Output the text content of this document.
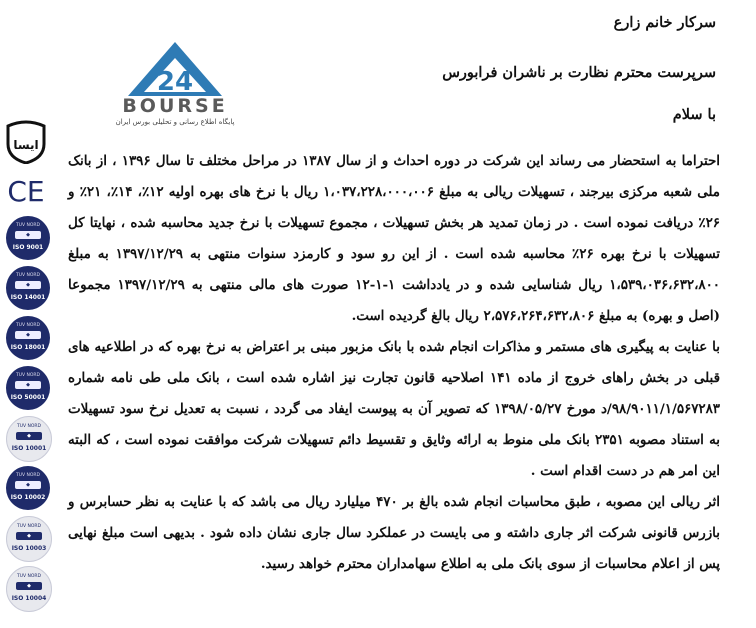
سرکار خانم زارع
سرپرست محترم نظارت بر ناشران فرابورس
با سلام
24
BOURSE
پایگاه اطلاع رسانی و تحلیلی بورس ایران
ایسا
CE
TUV NORD
◆
ISO 9001
TUV NORD
◆
ISO 14001
TUV NORD
◆
ISO 18001
TUV NORD
◆
ISO 50001
TUV NORD
◆
ISO 10001
TUV NORD
◆
ISO 10002
TUV NORD
◆
ISO 10003
TUV NORD
◆
ISO 10004

احتراما به استحضار می رساند این شرکت در دوره احداث و از سال ۱۳۸۷ در مراحل مختلف تا سال ۱۳۹۶ ، از بانک ملی شعبه مرکزی بیرجند ، تسهیلات ریالی به مبلغ ۱،۰۳۷،۲۲۸،۰۰۰،۰۰۶ ریال با نرخ های بهره اولیه ۱۲٪، ۱۴٪، ۲۱٪ و ۲۶٪ دریافت نموده است . در زمان تمدید هر بخش تسهیلات ، مجموع تسهیلات با نرخ جدید محاسبه شده ، نهایتا کل تسهیلات با نرخ بهره ۲۶٪ محاسبه شده است . از این رو سود و کارمزد سنوات منتهی به ۱۳۹۷/۱۲/۲۹ به مبلغ ۱،۵۳۹،۰۳۶،۶۳۲،۸۰۰ ریال شناسایی شده و در یادداشت ۱-۱-۱۲ صورت های مالی منتهی به ۱۳۹۷/۱۲/۲۹ مجموعا (اصل و بهره) به مبلغ ۲،۵۷۶،۲۶۴،۶۳۲،۸۰۶ ریال بالغ گردیده است.

با عنایت به پیگیری های مستمر و مذاکرات انجام شده با بانک مزبور مبنی بر اعتراض به نرخ بهره که در اطلاعیه های قبلی در بخش راهای خروج از ماده ۱۴۱ اصلاحیه قانون تجارت نیز اشاره شده است ، بانک ملی طی نامه شماره ۹۸/۹۰۱۱/۱/۵۶۷۲۸۳/د مورخ ۱۳۹۸/۰۵/۲۷ که تصویر آن به پیوست ایفاد می گردد ، نسبت به تعدیل نرخ سود تسهیلات به استناد مصوبه ۲۳۵۱ بانک ملی منوط به ارائه وثایق و تقسیط دائم تسهیلات شرکت موافقت نموده است ، که البته این امر هم در دست اقدام است .

اثر ریالی این مصوبه ، طبق محاسبات انجام شده بالغ بر ۴۷۰ میلیارد ریال می باشد که با عنایت به نظر حسابرس و بازرس قانونی شرکت اثر جاری داشته و می بایست در عملکرد سال جاری نشان داده شود . بدیهی است مبلغ نهایی پس از اعلام محاسبات از سوی بانک ملی به اطلاع سهامداران محترم خواهد رسید.
